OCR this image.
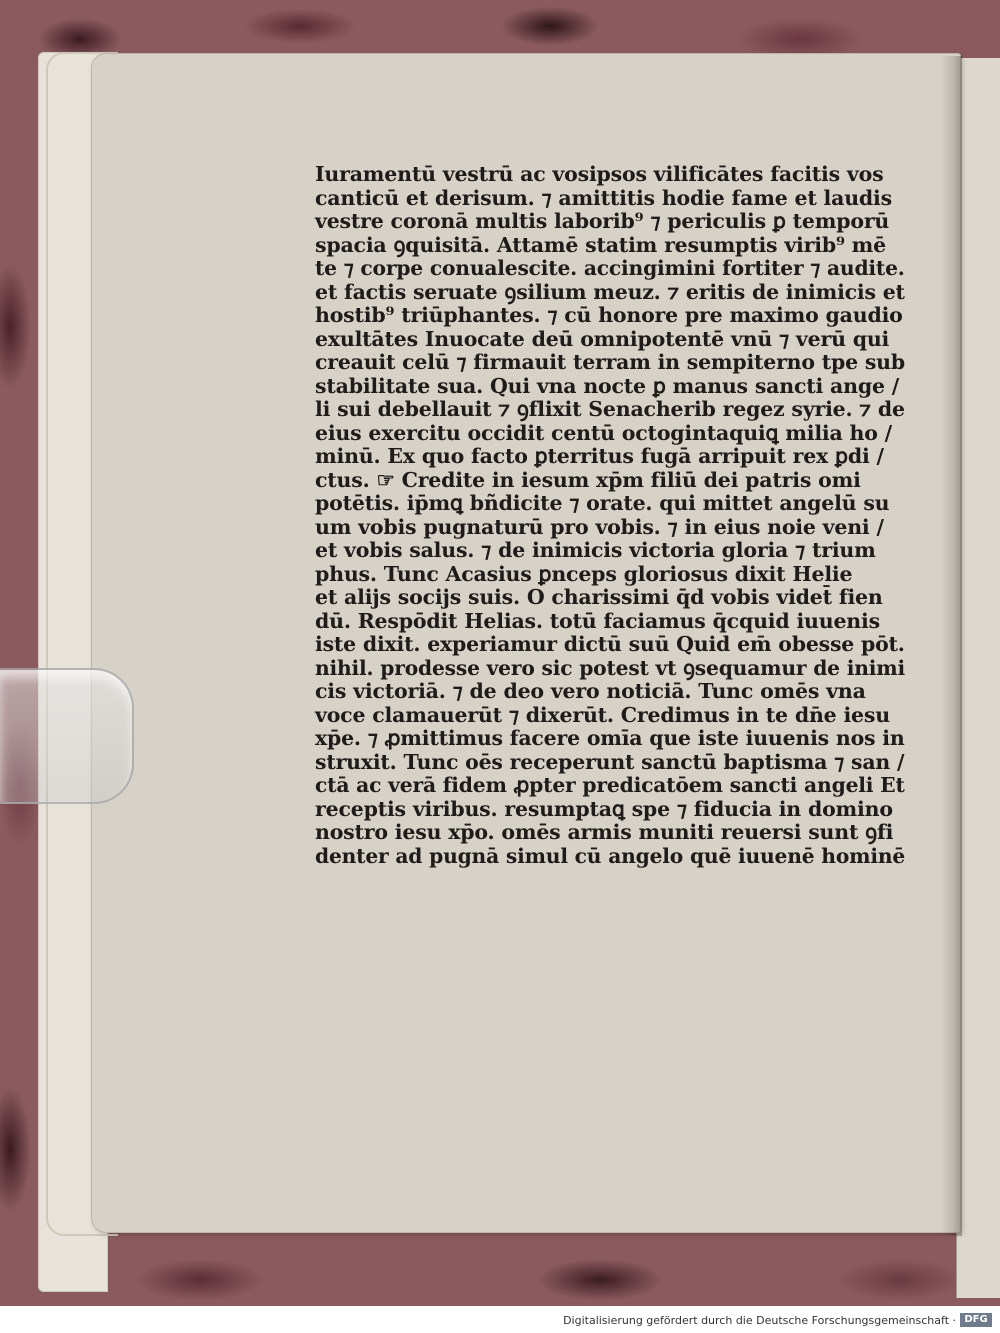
Iuramentū vestrū ac vosipsos vilificātes facitis vos
canticū et derisum. ⁊ amittitis hodie fame et laudis
vestre coronā multis laborib⁹ ⁊ periculis ꝑ temporū
spacia ꝯquisitā. Attamē statim resumptis virib⁹ mē
te ⁊ corpe conualescite. accingimini fortiter ⁊ audite.
et factis seruate ꝯsilium meuz. ⁊ eritis de inimicis et
hostib⁹ triūphantes. ⁊ cū honore pre maximo gaudio
exultātes Inuocate deū omnipotentē vnū ⁊ verū qui
creauit celū ⁊ firmauit terram in sempiterno tpe sub
stabilitate sua. Qui vna nocte ꝑ manus sancti ange /
li sui debellauit ⁊ ꝯflixit Senacherib regez syrie. ⁊ de
eius exercitu occidit centū octogintaquiꝗ milia ho /
minū. Ex quo facto ꝑterritus fugā arripuit rex ꝑdi /
ctus. ☞ Credite in iesum xp̄m filiū dei patris omi
potētis. ip̄mꝗ bñdicite ⁊ orate. qui mittet angelū su
um vobis pugnaturū pro vobis. ⁊ in eius noie veni /
et vobis salus. ⁊ de inimicis victoria gloria ⁊ trium
phus. Tunc Acasius ꝑnceps gloriosus dixit Helie
et alijs socijs suis. O charissimi q̄d vobis videt̄ fien
dū. Respōdit Helias. totū faciamus q̄cquid iuuenis
iste dixit. experiamur dictū suū Quid em̄ obesse pōt.
nihil. prodesse vero sic potest vt ꝯsequamur de inimi
cis victoriā. ⁊ de deo vero noticiā. Tunc omēs vna
voce clamauerūt ⁊ dixerūt. Credimus in te dn̄e iesu
xp̄e. ⁊ ꝓmittimus facere omīa que iste iuuenis nos in
struxit. Tunc oēs receperunt sanctū baptisma ⁊ san /
ctā ac verā fidem ꝓpter predicatōem sancti angeli Et
receptis viribus. resumptaꝗ spe ⁊ fiducia in domino
nostro iesu xp̄o. omēs armis muniti reuersi sunt ꝯfi
denter ad pugnā simul cū angelo quē iuuenē hominē
Digitalisierung gefördert durch die Deutsche Forschungsgemeinschaft · DFG
